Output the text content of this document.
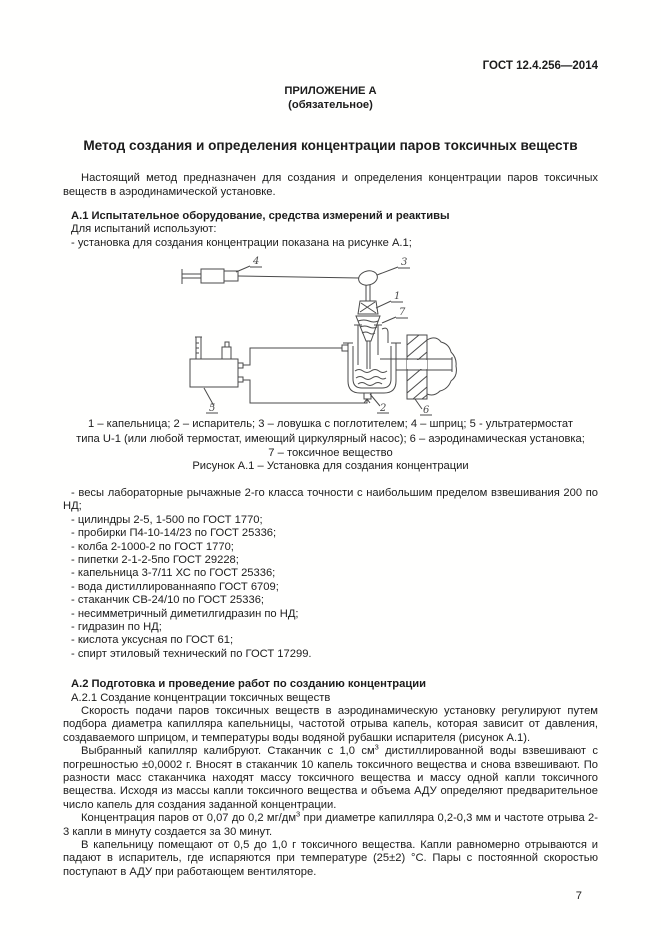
ГОСТ 12.4.256—2014
ПРИЛОЖЕНИЕ А
(обязательное)
Метод создания и определения концентрации паров токсичных веществ

Настоящий метод предназначен для создания и определения концентрации паров токсичных веществ в аэродинамической установке.

А.1 Испытательное оборудование, средства измерений и реактивы
Для испытаний используют:
- установка для создания концентрации показана на рисунке А.1;
4	3
1
7
5	2	6
1 – капельница; 2 – испаритель; 3 – ловушка с поглотителем; 4 – шприц; 5 - ультратермостат
типа U-1 (или любой термостат, имеющий циркулярный насос); 6 – аэродинамическая установка;
7 – токсичное вещество
Рисунок А.1 – Установка для создания концентрации
- весы лабораторные рычажные 2-го класса точности с наибольшим пределом взвешивания 200 по НД;
- цилиндры 2-5, 1-500 по ГОСТ 1770;
- пробирки П4-10-14/23 по ГОСТ 25336;
- колба 2-1000-2 по ГОСТ 1770;
- пипетки 2-1-2-5по ГОСТ 29228;
- капельница 3-7/11 ХС по ГОСТ 25336;
- вода дистиллированнаяпо ГОСТ 6709;
- стаканчик СВ-24/10 по ГОСТ 25336;
- несимметричный диметилгидразин по НД;
- гидразин по НД;
- кислота уксусная по ГОСТ 61;
- спирт этиловый технический по ГОСТ 17299.
А.2 Подготовка и проведение работ по созданию концентрации
А.2.1 Создание концентрации токсичных веществ

Скорость подачи паров токсичных веществ в аэродинамическую установку регулируют путем подбора диаметра капилляра капельницы, частотой отрыва капель, которая зависит от давления, создаваемого шприцом, и температуры воды водяной рубашки испарителя (рисунок А.1).

Выбранный капилляр калибруют. Стаканчик с 1,0 $см^3$ дистиллированной воды взвешивают с погрешностью ±0,0002 г. Вносят в стаканчик 10 капель токсичного вещества и снова взвешивают. По разности масс стаканчика находят массу токсичного вещества и массу одной капли токсичного вещества. Исходя из массы капли токсичного вещества и объема АДУ определяют предварительное число капель для создания заданной концентрации.

Концентрация паров от 0,07 до 0,2 $мг/дм^3$ при диаметре капилляра 0,2-0,3 мм и частоте отрыва 2-3 капли в минуту создается за 30 минут.

В капельницу помещают от 0,5 до 1,0 г токсичного вещества. Капли равномерно отрываются и падают в испаритель, где испаряются при температуре (25±2) °С. Пары с постоянной скоростью поступают в АДУ при работающем вентиляторе.

7
